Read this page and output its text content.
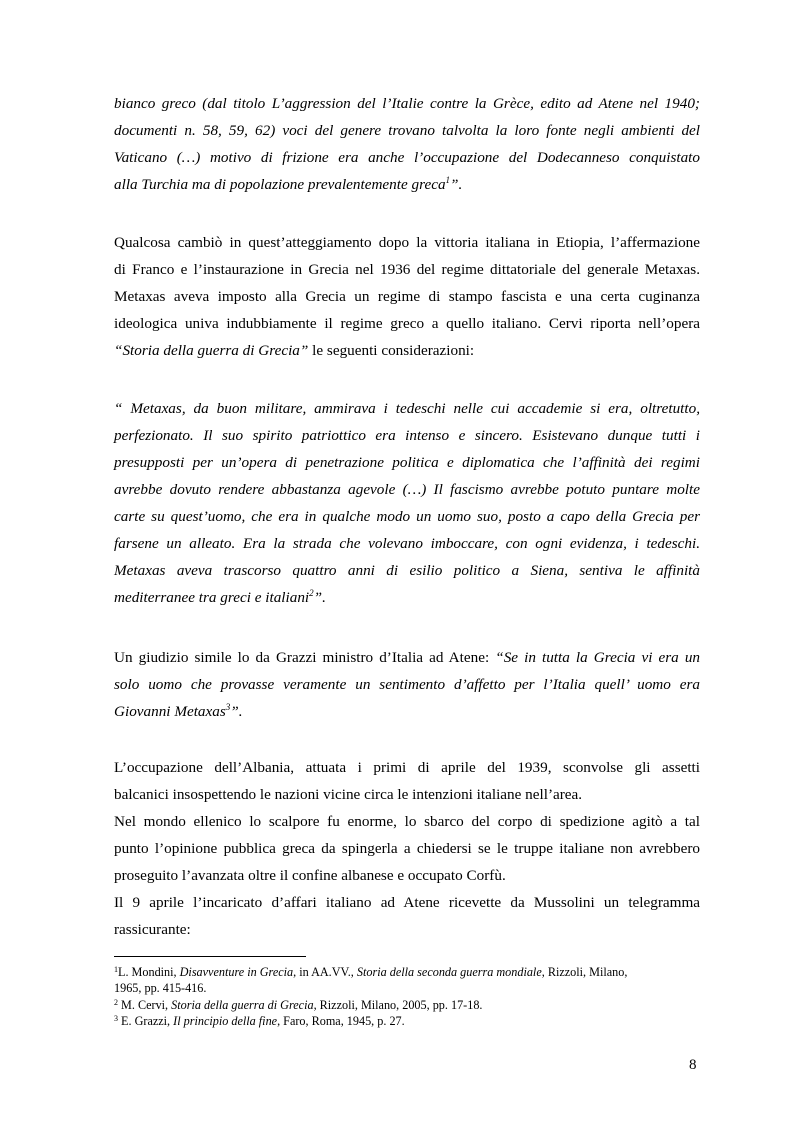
bianco greco (dal titolo L’aggression del l’Italie contre la Grèce, edito ad Atene nel 1940;
documenti n. 58, 59, 62) voci del genere trovano talvolta la loro fonte negli ambienti del
Vaticano (…) motivo di frizione era anche l’occupazione del Dodecanneso conquistato
alla Turchia ma di popolazione prevalentemente greca$^1$”.
Qualcosa cambiò in quest’atteggiamento dopo la vittoria italiana in Etiopia, l’affermazione
di Franco e l’instaurazione in Grecia nel 1936 del regime dittatoriale del generale Metaxas.
Metaxas aveva imposto alla Grecia un regime di stampo fascista e una certa cuginanza
ideologica univa indubbiamente il regime greco a quello italiano. Cervi riporta nell’opera
“Storia della guerra di Grecia” le seguenti considerazioni:
“ Metaxas, da buon militare, ammirava i tedeschi nelle cui accademie si era, oltretutto,
perfezionato. Il suo spirito patriottico era intenso e sincero. Esistevano dunque tutti i
presupposti per un’opera di penetrazione politica e diplomatica che l’affinità dei regimi
avrebbe dovuto rendere abbastanza agevole (…) Il fascismo avrebbe potuto puntare molte
carte su quest’uomo, che era in qualche modo un uomo suo, posto a capo della Grecia per
farsene un alleato. Era la strada che volevano imboccare, con ogni evidenza, i tedeschi.
Metaxas aveva trascorso quattro anni di esilio politico a Siena, sentiva le affinità
mediterranee tra greci e italiani$^2$”.
Un giudizio simile lo da Grazzi ministro d’Italia ad Atene: “Se in tutta la Grecia vi era un
solo uomo che provasse veramente un sentimento d’affetto per l’Italia quell’ uomo era
Giovanni Metaxas$^3$”.
L’occupazione dell’Albania, attuata i primi di aprile del 1939, sconvolse gli assetti
balcanici insospettendo le nazioni vicine circa le intenzioni italiane nell’area.
Nel mondo ellenico lo scalpore fu enorme, lo sbarco del corpo di spedizione agitò a tal
punto l’opinione pubblica greca da spingerla a chiedersi se le truppe italiane non avrebbero
proseguito l’avanzata oltre il confine albanese e occupato Corfù.
Il 9 aprile l’incaricato d’affari italiano ad Atene ricevette da Mussolini un telegramma
rassicurante:
$^1$L. Mondini, Disavventure in Grecia, in AA.VV., Storia della seconda guerra mondiale, Rizzoli, Milano,
1965, pp. 415-416.
$^2$ M. Cervi, Storia della guerra di Grecia, Rizzoli, Milano, 2005, pp. 17-18.
$^3$ E. Grazzi, Il principio della fine, Faro, Roma, 1945, p. 27.
8
